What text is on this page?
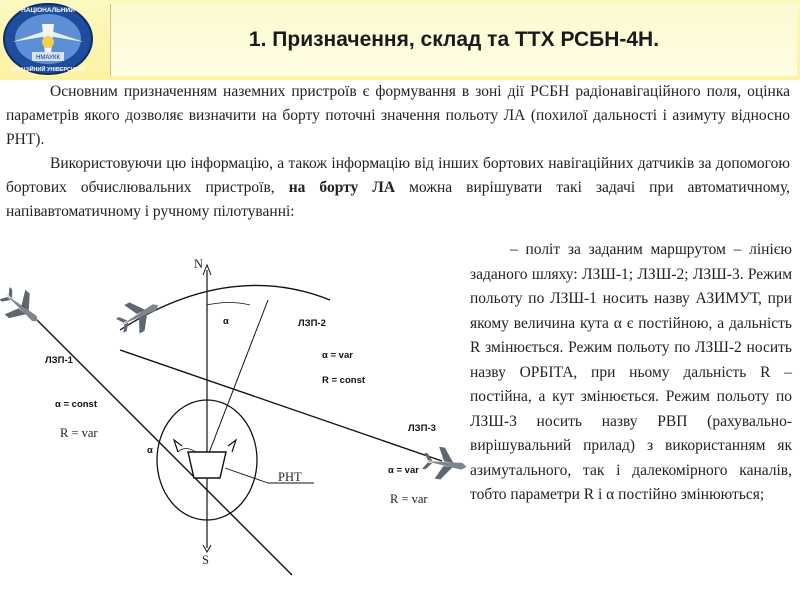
НМАУКК
НАЦІОНАЛЬНИЙ
АВІАЦІЙНИЙ УНІВЕРСИТЕТ
1. Призначення, склад та ТТХ РСБН-4Н.
Основним призначенням наземних пристроїв є формування в зоні дії РСБН радіонавігаційного поля, оцінка параметрів якого дозволяє визначити на борту поточні значення польоту ЛА (похилої дальності і азимуту відносно РНТ).
Використовуючи цю інформацію, а також інформацію від інших бортових навігаційних датчиків за допомогою бортових обчислювальних пристроїв, на борту ЛА можна вирішувати такі задачі при автоматичному, напівавтоматичному і ручному пілотуванні:

– політ за заданим маршрутом – лінією заданого шляху: ЛЗШ-1; ЛЗШ-2; ЛЗШ-3. Режим польоту по ЛЗШ-1 носить назву АЗИМУТ, при якому величина кута α є постійною, а дальність R змінюється. Режим польоту по ЛЗШ-2 носить назву ОРБІТА, при ньому дальність R – постійна, а кут змінюється. Режим польоту по ЛЗШ-3 носить назву РВП (рахувально-вирішувальний прилад) з використанням як азимутального, так і далекомірного каналів, тобто параметри R і α постійно змінюються;

N
S
α
РНТ
ЛЗП-1
α = const
R = var
α
ЛЗП-2
α = var
R = const
ЛЗП-3
α = var
R = var
